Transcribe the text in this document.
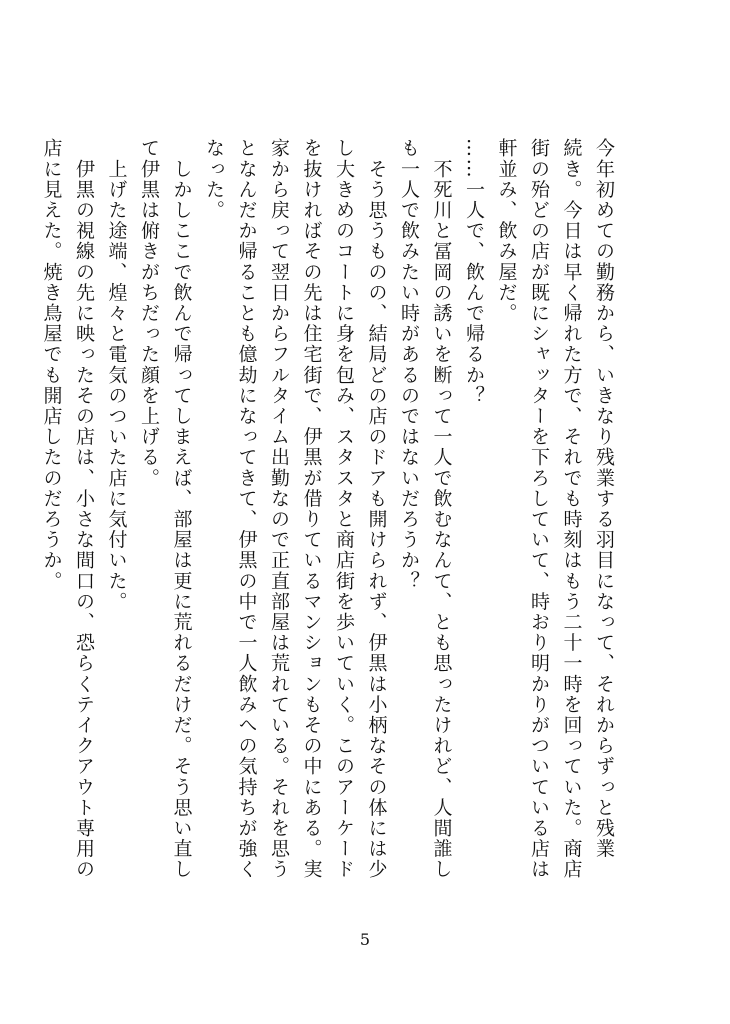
今年初めての勤務から、いきなり残業する羽目になって、それからずっと残業

続き。今日は早く帰れた方で、それでも時刻はもう二十一時を回っていた。商店

街の殆どの店が既にシャッターを下ろしていて、時おり明かりがついている店は

軒並み、飲み屋だ。

……一人で、飲んで帰るか？

　不死川と冨岡の誘いを断って一人で飲むなんて、とも思ったけれど、人間誰し

も一人で飲みたい時があるのではないだろうか？

　そう思うものの、結局どの店のドアも開けられず、伊黒は小柄なその体には少

し大きめのコートに身を包み、スタスタと商店街を歩いていく。このアーケード

を抜ければその先は住宅街で、伊黒が借りているマンションもその中にある。実

家から戻って翌日からフルタイム出勤なので正直部屋は荒れている。それを思う

となんだか帰ることも億劫になってきて、伊黒の中で一人飲みへの気持ちが強く

なった。

　しかしここで飲んで帰ってしまえば、部屋は更に荒れるだけだ。そう思い直し

て伊黒は俯きがちだった顔を上げる。

　上げた途端、煌々と電気のついた店に気付いた。

　伊黒の視線の先に映ったその店は、小さな間口の、恐らくテイクアウト専用の

店に見えた。焼き鳥屋でも開店したのだろうか。

5
